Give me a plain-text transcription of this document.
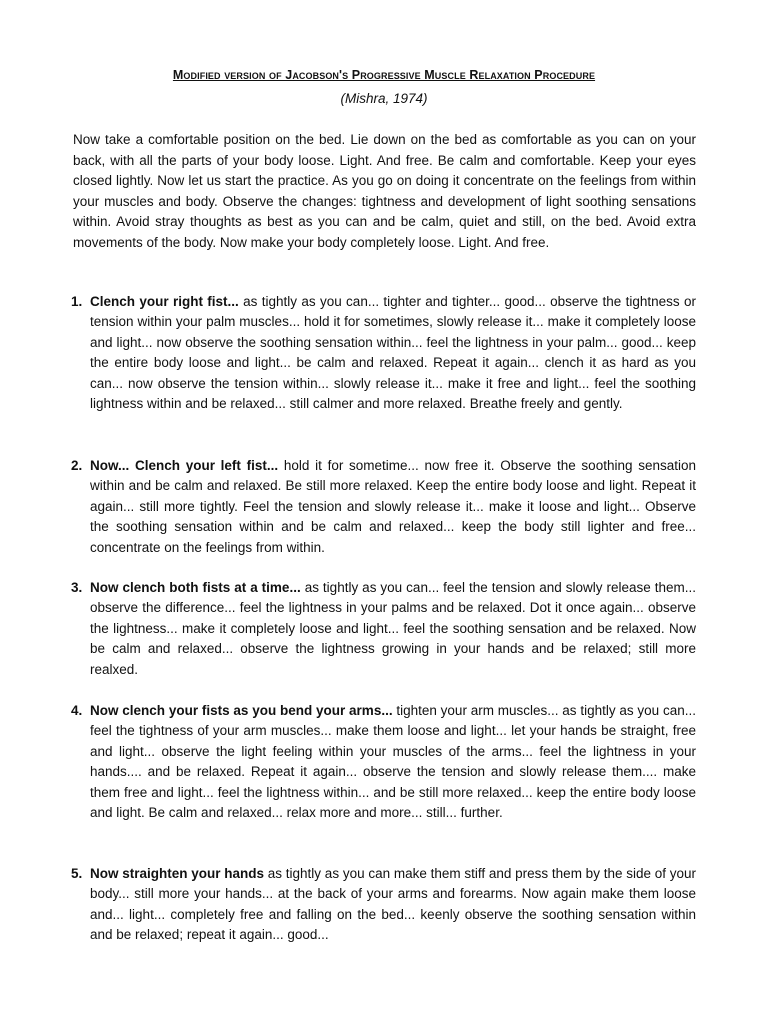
Modified version of Jacobson's Progressive Muscle Relaxation Procedure
(Mishra, 1974)

Now take a comfortable position on the bed. Lie down on the bed as comfortable as you can on your back, with all the parts of your body loose. Light. And free. Be calm and comfortable. Keep your eyes closed lightly. Now let us start the practice. As you go on doing it concentrate on the feelings from within your muscles and body. Observe the changes: tightness and development of light soothing sensations within. Avoid stray thoughts as best as you can and be calm, quiet and still, on the bed. Avoid extra movements of the body. Now make your body completely loose. Light. And free.

1. Clench your right fist... as tightly as you can... tighter and tighter... good... observe the tightness or tension within your palm muscles... hold it for sometimes, slowly release it... make it completely loose and light... now observe the soothing sensation within... feel the lightness in your palm... good... keep the entire body loose and light... be calm and relaxed. Repeat it again... clench it as hard as you can... now observe the tension within... slowly release it... make it free and light... feel the soothing lightness within and be relaxed... still calmer and more relaxed. Breathe freely and gently.

2. Now... Clench your left fist... hold it for sometime... now free it. Observe the soothing sensation within and be calm and relaxed. Be still more relaxed. Keep the entire body loose and light. Repeat it again... still more tightly. Feel the tension and slowly release it... make it loose and light... Observe the soothing sensation within and be calm and relaxed... keep the body still lighter and free... concentrate on the feelings from within.

3. Now clench both fists at a time... as tightly as you can... feel the tension and slowly release them... observe the difference... feel the lightness in your palms and be relaxed. Dot it once again... observe the lightness... make it completely loose and light... feel the soothing sensation and be relaxed. Now be calm and relaxed... observe the lightness growing in your hands and be relaxed; still more realxed.

4. Now clench your fists as you bend your arms... tighten your arm muscles... as tightly as you can... feel the tightness of your arm muscles... make them loose and light... let your hands be straight, free and light... observe the light feeling within your muscles of the arms... feel the lightness in your hands.... and be relaxed. Repeat it again... observe the tension and slowly release them.... make them free and light... feel the lightness within... and be still more relaxed... keep the entire body loose and light. Be calm and relaxed... relax more and more... still... further.

5. Now straighten your hands as tightly as you can make them stiff and press them by the side of your body... still more your hands... at the back of your arms and forearms. Now again make them loose and... light... completely free and falling on the bed... keenly observe the soothing sensation within and be relaxed; repeat it again... good...
